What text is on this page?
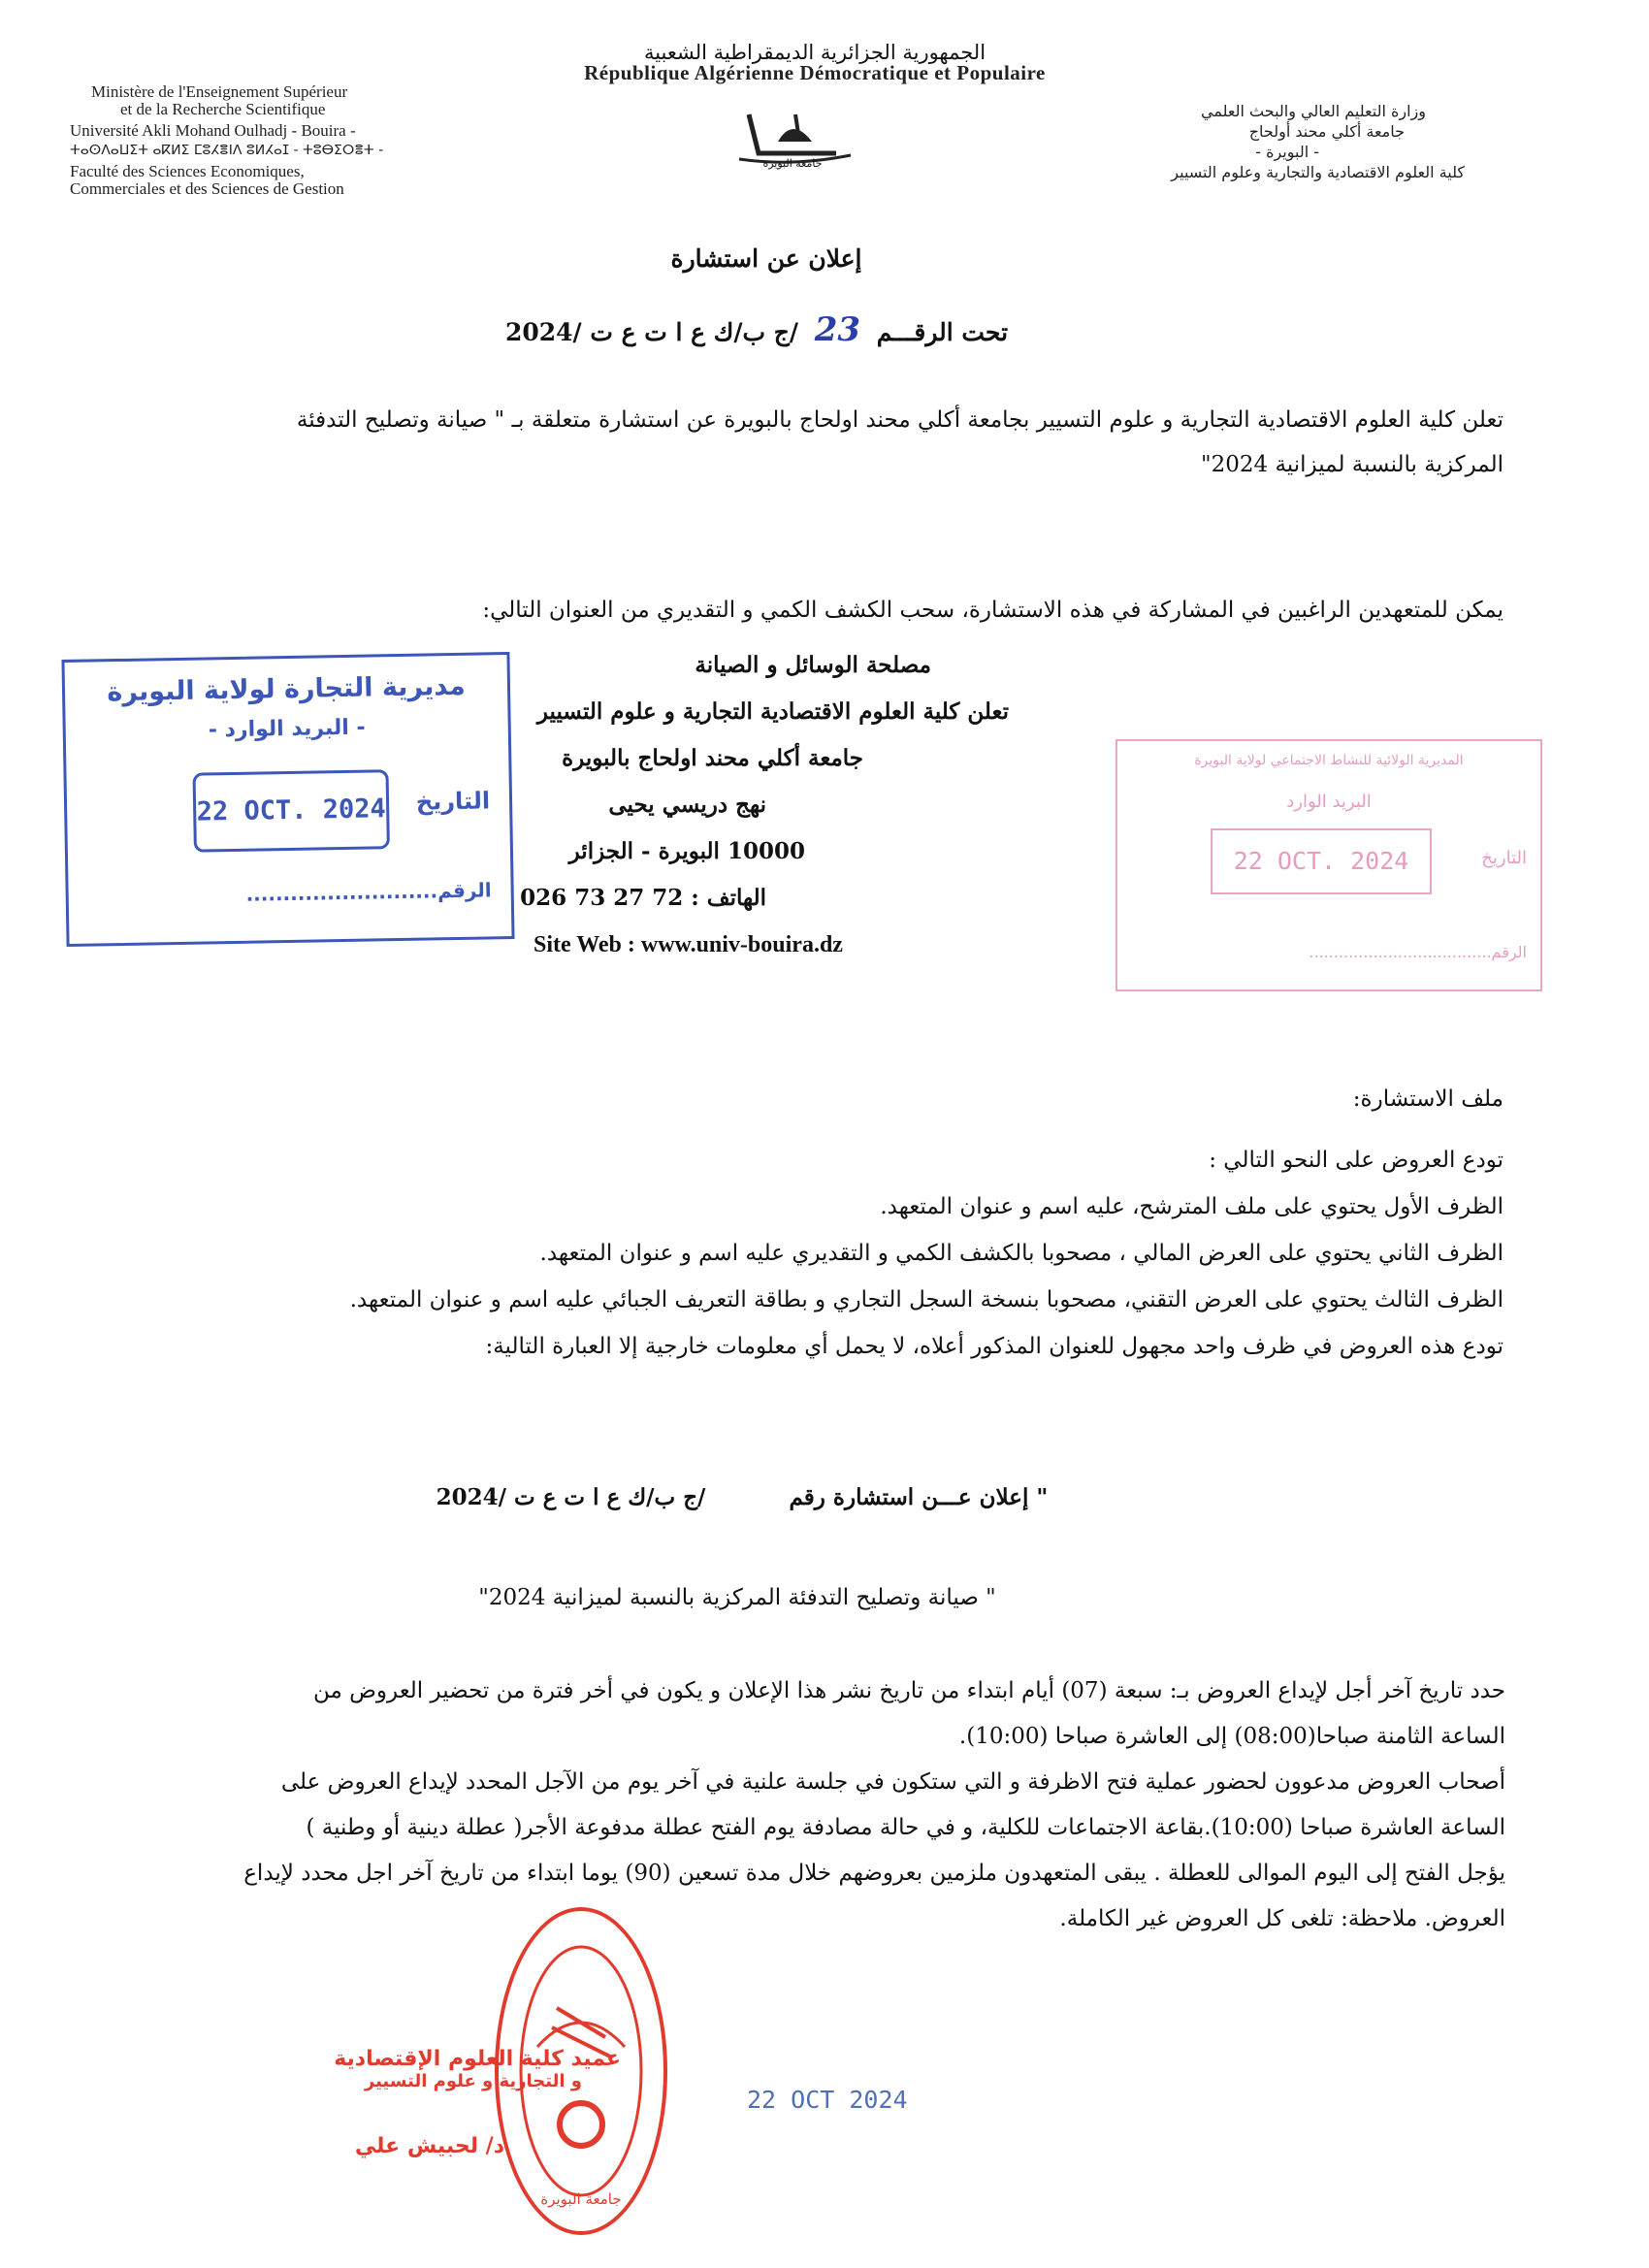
الجمهورية الجزائرية الديمقراطية الشعبية
République Algérienne Démocratique et Populaire
Ministère de l'Enseignement Supérieur
et de la Recherche Scientifique
Université Akli Mohand Oulhadj - Bouira -
ⵜⴰⵙⴷⴰⵡⵉⵜ ⴰⴽⵍⵉ ⵎⵓⵃⴻⵏⴷ ⵓⵍⵃⴰⵊ - ⵜⵓⴱⵉⵔⴻⵜ -
Faculté des Sciences Economiques,
Commerciales et des Sciences de Gestion
جامعة البويرة
وزارة التعليم العالي والبحث العلمي
جامعة أكلي محند أولحاج
- البويرة -
كلية العلوم الاقتصادية والتجارية وعلوم التسيير
إعلان عن استشارة
تحت الرقـــم 23 /ج ب/ك ع ا ت ع ت /2024
تعلن كلية العلوم الاقتصادية التجارية و علوم التسيير بجامعة أكلي محند اولحاج بالبويرة عن استشارة متعلقة بـ " صيانة وتصليح التدفئة
المركزية بالنسبة لميزانية 2024"
يمكن للمتعهدين الراغبين في المشاركة في هذه الاستشارة، سحب الكشف الكمي و التقديري من العنوان التالي:
مصلحة الوسائل و الصيانة
تعلن كلية العلوم الاقتصادية التجارية و علوم التسيير
جامعة أكلي محند اولحاج بالبويرة
نهج دريسي يحيى
10000 البويرة - الجزائر
الهاتف : 72 27 73 026
Site Web : www.univ-bouira.dz
مديرية التجارة لولاية البويرة
- البريد الوارد -
22 OCT. 2024 التاريخ
الرقم..........................
المديرية الولائية للنشاط الاجتماعي لولاية البويرة
البريد الوارد
22 OCT. 2024	التاريخ
الرقم.....................................
ملف الاستشارة:
تودع العروض على النحو التالي :
الظرف الأول يحتوي على ملف المترشح، عليه اسم و عنوان المتعهد.
الظرف الثاني يحتوي على العرض المالي ، مصحوبا بالكشف الكمي و التقديري عليه اسم و عنوان المتعهد.
الظرف الثالث يحتوي على العرض التقني، مصحوبا بنسخة السجل التجاري و بطاقة التعريف الجبائي عليه اسم و عنوان المتعهد.
تودع هذه العروض في ظرف واحد مجهول للعنوان المذكور أعلاه، لا يحمل أي معلومات خارجية إلا العبارة التالية:
" إعلان عـــن استشارة رقم  /ج ب/ك ع ا ت ع ت /2024
" صيانة وتصليح التدفئة المركزية بالنسبة لميزانية 2024"
حدد تاريخ آخر أجل لإيداع العروض بـ: سبعة (07) أيام ابتداء من تاريخ نشر هذا الإعلان و يكون في أخر فترة من تحضير العروض من
الساعة الثامنة صباحا(08:00) إلى العاشرة صباحا (10:00).
أصحاب العروض مدعوون لحضور عملية فتح الاظرفة و التي ستكون في جلسة علنية في آخر يوم من الآجل المحدد لإيداع العروض على
الساعة العاشرة صباحا (10:00).بقاعة الاجتماعات للكلية، و في حالة مصادفة يوم الفتح عطلة مدفوعة الأجر( عطلة دينية أو وطنية )
يؤجل الفتح إلى اليوم الموالى للعطلة . يبقى المتعهدون ملزمين بعروضهم خلال مدة تسعين (90) يوما ابتداء من تاريخ آخر اجل محدد لإيداع
العروض. ملاحظة: تلغى كل العروض غير الكاملة.
جامعة البويرة
عميد كلية العلوم الإقتصادية
و التجارية و علوم التسيير
د/ لحبيش علي
22 OCT 2024
